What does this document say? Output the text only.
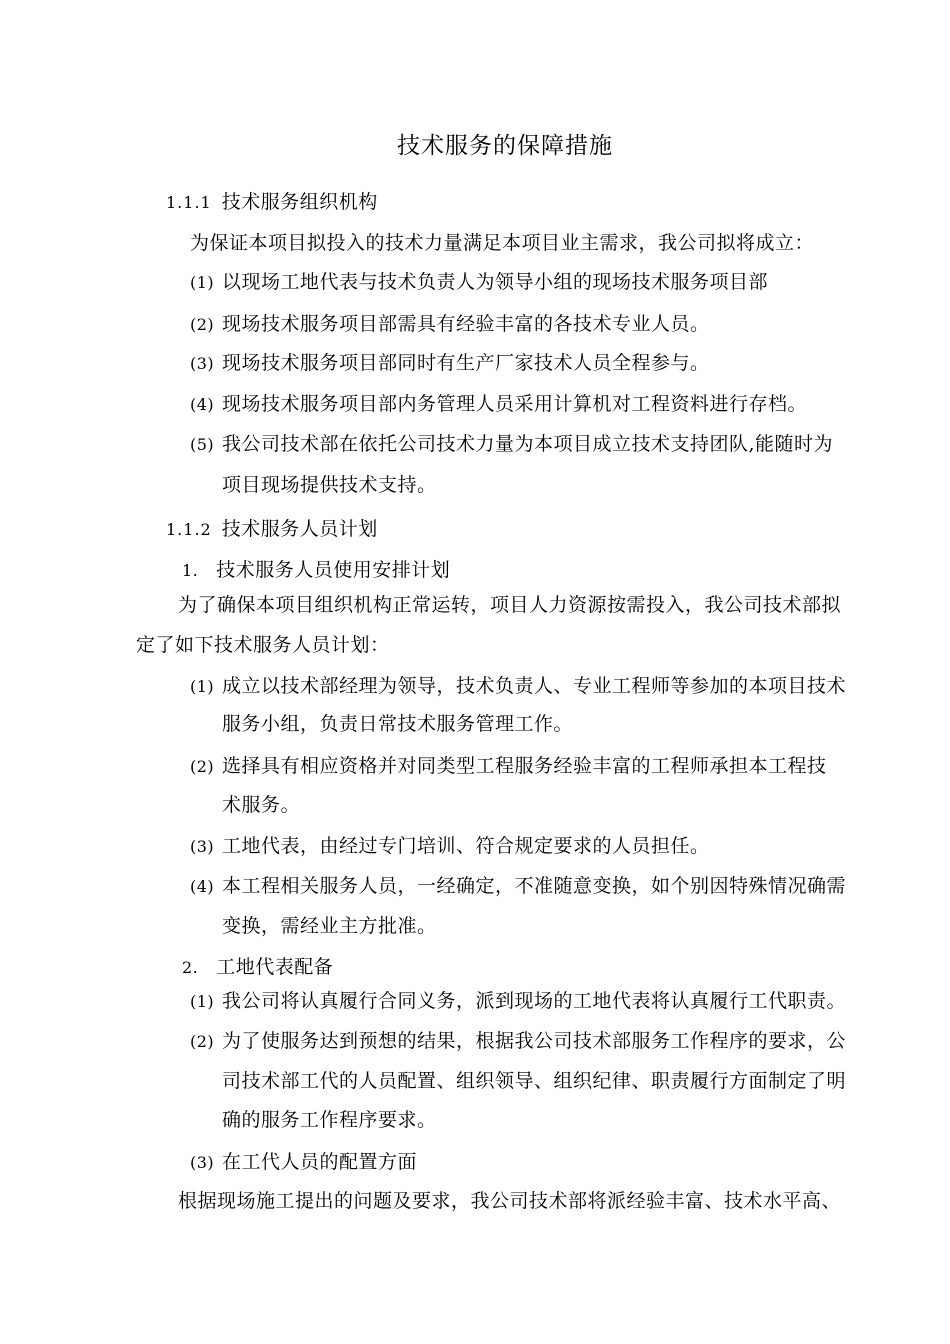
技术服务的保障措施
1.1.1 技术服务组织机构
为保证本项目拟投入的技术力量满足本项目业主需求，我公司拟将成立：
(1) 以现场工地代表与技术负责人为领导小组的现场技术服务项目部
(2) 现场技术服务项目部需具有经验丰富的各技术专业人员。
(3) 现场技术服务项目部同时有生产厂家技术人员全程参与。
(4) 现场技术服务项目部内务管理人员采用计算机对工程资料进行存档。
(5) 我公司技术部在依托公司技术力量为本项目成立技术支持团队,能随时为
项目现场提供技术支持。
1.1.2 技术服务人员计划
1. 技术服务人员使用安排计划
为了确保本项目组织机构正常运转，项目人力资源按需投入，我公司技术部拟
定了如下技术服务人员计划：
(1) 成立以技术部经理为领导，技术负责人、专业工程师等参加的本项目技术
服务小组，负责日常技术服务管理工作。
(2) 选择具有相应资格并对同类型工程服务经验丰富的工程师承担本工程技
术服务。
(3) 工地代表，由经过专门培训、符合规定要求的人员担任。
(4) 本工程相关服务人员，一经确定，不准随意变换，如个别因特殊情况确需
变换，需经业主方批准。
2. 工地代表配备
(1) 我公司将认真履行合同义务，派到现场的工地代表将认真履行工代职责。
(2) 为了使服务达到预想的结果，根据我公司技术部服务工作程序的要求，公
司技术部工代的人员配置、组织领导、组织纪律、职责履行方面制定了明
确的服务工作程序要求。
(3) 在工代人员的配置方面
根据现场施工提出的问题及要求，我公司技术部将派经验丰富、技术水平高、
